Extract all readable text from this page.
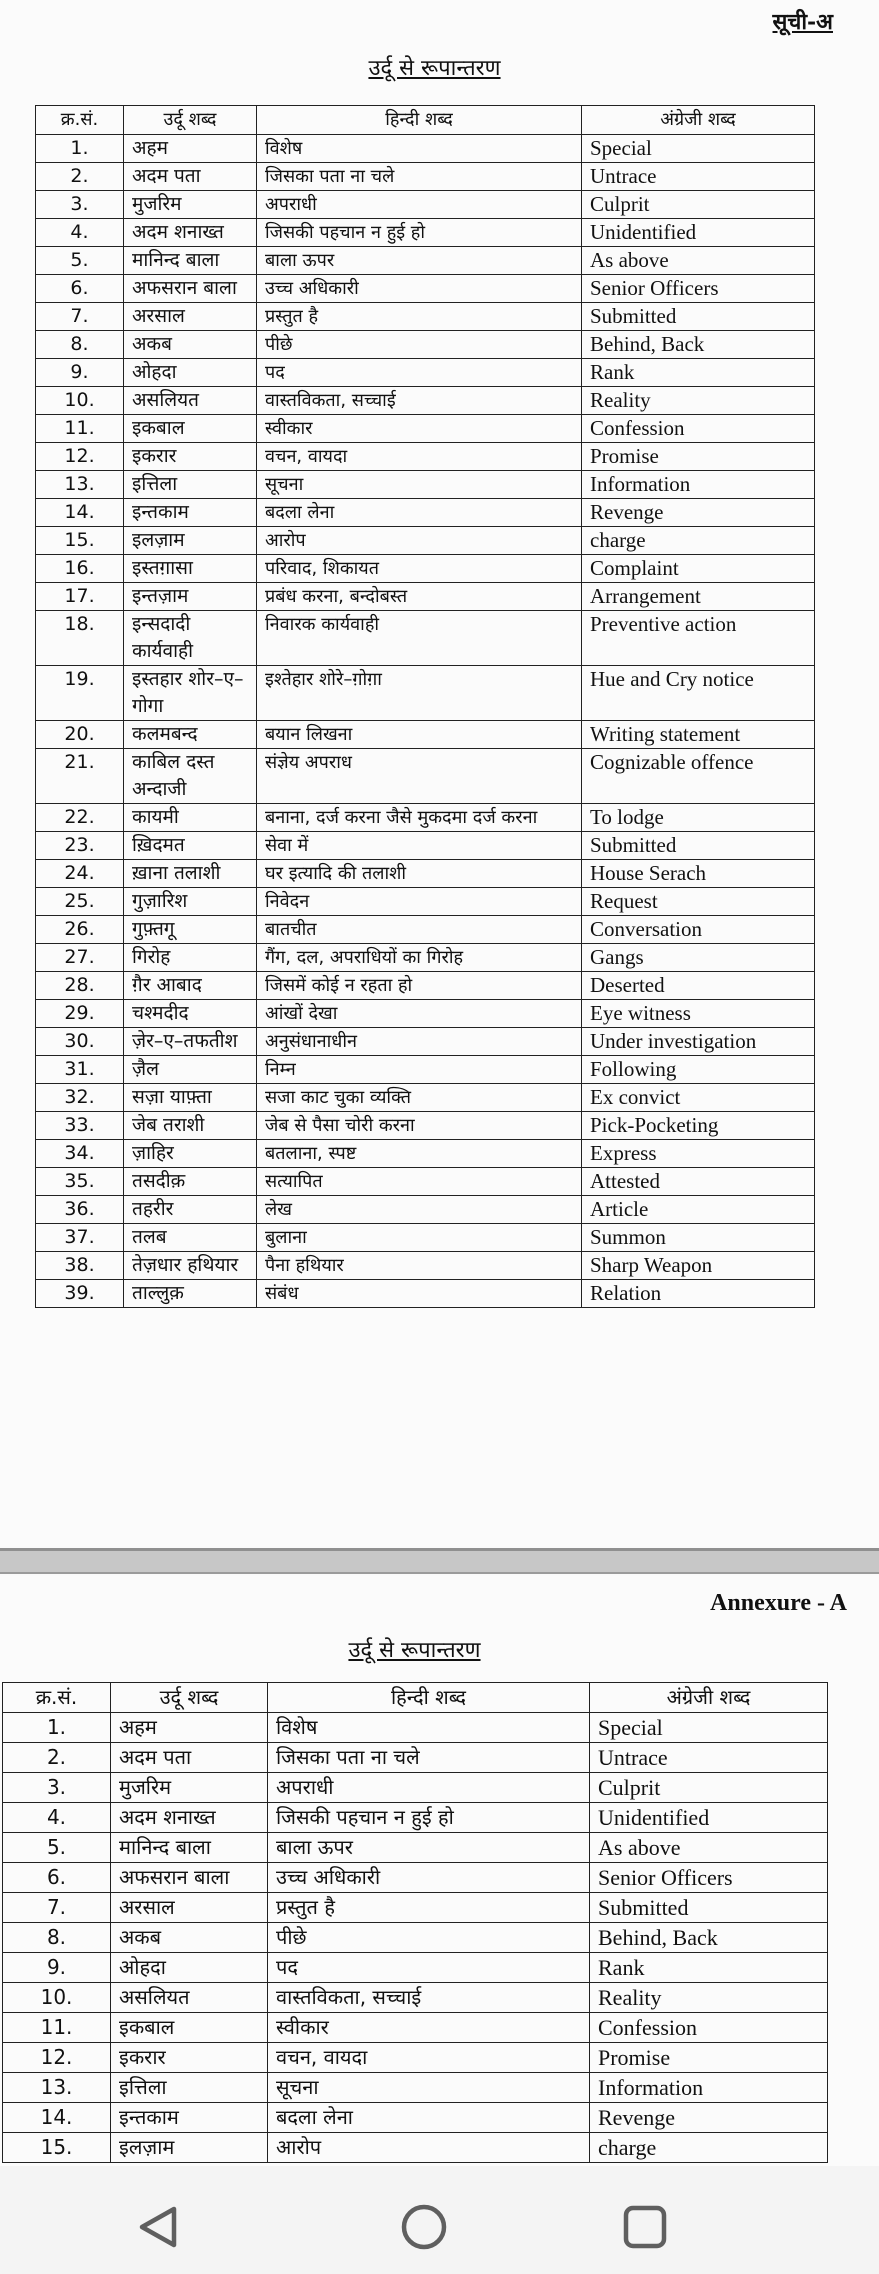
सूची-अ
उर्दू से रूपान्तरण
क्र.सं.	उर्दू शब्द	हिन्दी शब्द	अंग्रेजी शब्द
1.	अहम	विशेष	Special
2.	अदम पता	जिसका पता ना चले	Untrace
3.	मुजरिम	अपराधी	Culprit
4.	अदम शनाख्त	जिसकी पहचान न हुई हो	Unidentified
5.	मानिन्द बाला	बाला ऊपर	As above
6.	अफसरान बाला	उच्च अधिकारी	Senior Officers
7.	अरसाल	प्रस्तुत है	Submitted
8.	अकब	पीछे	Behind, Back
9.	ओहदा	पद	Rank
10.	असलियत	वास्तविकता, सच्चाई	Reality
11.	इकबाल	स्वीकार	Confession
12.	इकरार	वचन, वायदा	Promise
13.	इत्तिला	सूचना	Information
14.	इन्तकाम	बदला लेना	Revenge
15.	इलज़ाम	आरोप	charge
16.	इस्तग़ासा	परिवाद, शिकायत	Complaint
17.	इन्तज़ाम	प्रबंध करना, बन्दोबस्त	Arrangement
18.	इन्सदादी कार्यवाही	निवारक कार्यवाही	Preventive action
19.	इस्तहार शोर–ए–गोगा	इश्तेहार शोरे–ग़ोग़ा	Hue and Cry notice
20.	कलमबन्द	बयान लिखना	Writing statement
21.	काबिल दस्त अन्दाजी	संज्ञेय अपराध	Cognizable offence
22.	कायमी	बनाना, दर्ज करना जैसे मुकदमा दर्ज करना	To lodge
23.	ख़िदमत	सेवा में	Submitted
24.	ख़ाना तलाशी	घर इत्यादि की तलाशी	House Serach
25.	गुज़ारिश	निवेदन	Request
26.	गुफ़्तगू	बातचीत	Conversation
27.	गिरोह	गैंग, दल, अपराधियों का गिरोह	Gangs
28.	ग़ैर आबाद	जिसमें कोई न रहता हो	Deserted
29.	चश्मदीद	आंखों देखा	Eye witness
30.	ज़ेर–ए–तफतीश	अनुसंधानाधीन	Under investigation
31.	ज़ैल	निम्न	Following
32.	सज़ा याफ़्ता	सजा काट चुका व्यक्ति	Ex convict
33.	जेब तराशी	जेब से पैसा चोरी करना	Pick-Pocketing
34.	ज़ाहिर	बतलाना, स्पष्ट	Express
35.	तसदीक़	सत्यापित	Attested
36.	तहरीर	लेख	Article
37.	तलब	बुलाना	Summon
38.	तेज़धार हथियार	पैना हथियार	Sharp Weapon
39.	ताल्लुक़	संबंध	Relation
Annexure - A
उर्दू से रूपान्तरण
क्र.सं.	उर्दू शब्द	हिन्दी शब्द	अंग्रेजी शब्द
1.	अहम	विशेष	Special
2.	अदम पता	जिसका पता ना चले	Untrace
3.	मुजरिम	अपराधी	Culprit
4.	अदम शनाख्त	जिसकी पहचान न हुई हो	Unidentified
5.	मानिन्द बाला	बाला ऊपर	As above
6.	अफसरान बाला	उच्च अधिकारी	Senior Officers
7.	अरसाल	प्रस्तुत है	Submitted
8.	अकब	पीछे	Behind, Back
9.	ओहदा	पद	Rank
10.	असलियत	वास्तविकता, सच्चाई	Reality
11.	इकबाल	स्वीकार	Confession
12.	इकरार	वचन, वायदा	Promise
13.	इत्तिला	सूचना	Information
14.	इन्तकाम	बदला लेना	Revenge
15.	इलज़ाम	आरोप	charge
